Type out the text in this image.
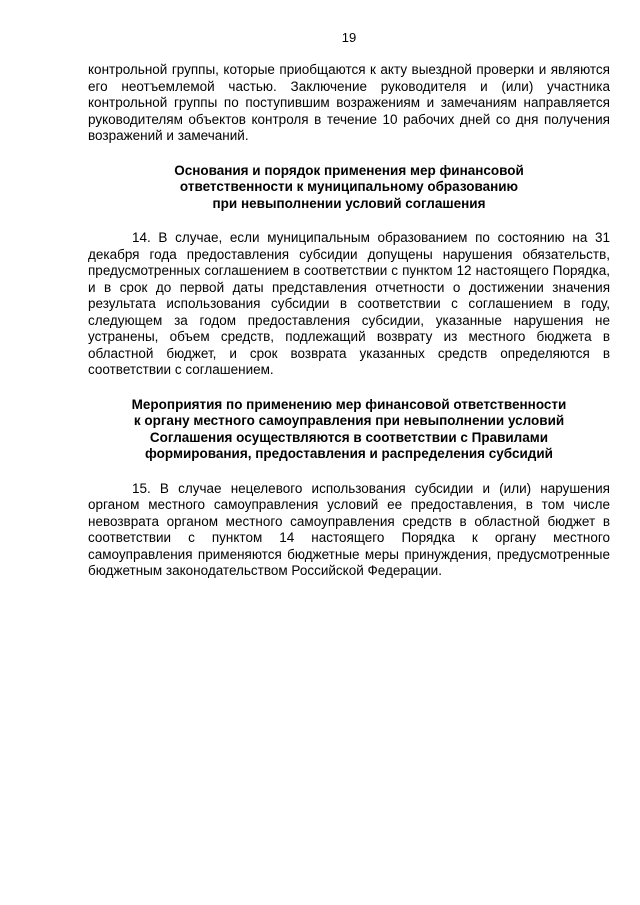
19

контрольной группы, которые приобщаются к акту выездной проверки и являются его неотъемлемой частью. Заключение руководителя и (или) участника контрольной группы по поступившим возражениям и замечаниям направляется руководителям объектов контроля в течение 10 рабочих дней со дня получения возражений и замечаний.

Основания и порядок применения мер финансовой
ответственности к муниципальному образованию
при невыполнении условий соглашения

14. В случае, если муниципальным образованием по состоянию на 31 декабря года предоставления субсидии допущены нарушения обязательств, предусмотренных соглашением в соответствии с пунктом 12 настоящего Порядка, и в срок до первой даты представления отчетности о достижении значения результата использования субсидии в соответствии с соглашением в году, следующем за годом предоставления субсидии, указанные нарушения не устранены, объем средств, подлежащий возврату из местного бюджета в областной бюджет, и срок возврата указанных средств определяются в соответствии с соглашением.

Мероприятия по применению мер финансовой ответственности
к органу местного самоуправления при невыполнении условий
Соглашения осуществляются в соответствии с Правилами
формирования, предоставления и распределения субсидий

15. В случае нецелевого использования субсидии и (или) нарушения органом местного самоуправления условий ее предоставления, в том числе невозврата органом местного самоуправления средств в областной бюджет в соответствии с пунктом 14 настоящего Порядка к органу местного самоуправления применяются бюджетные меры принуждения, предусмотренные бюджетным законодательством Российской Федерации.
